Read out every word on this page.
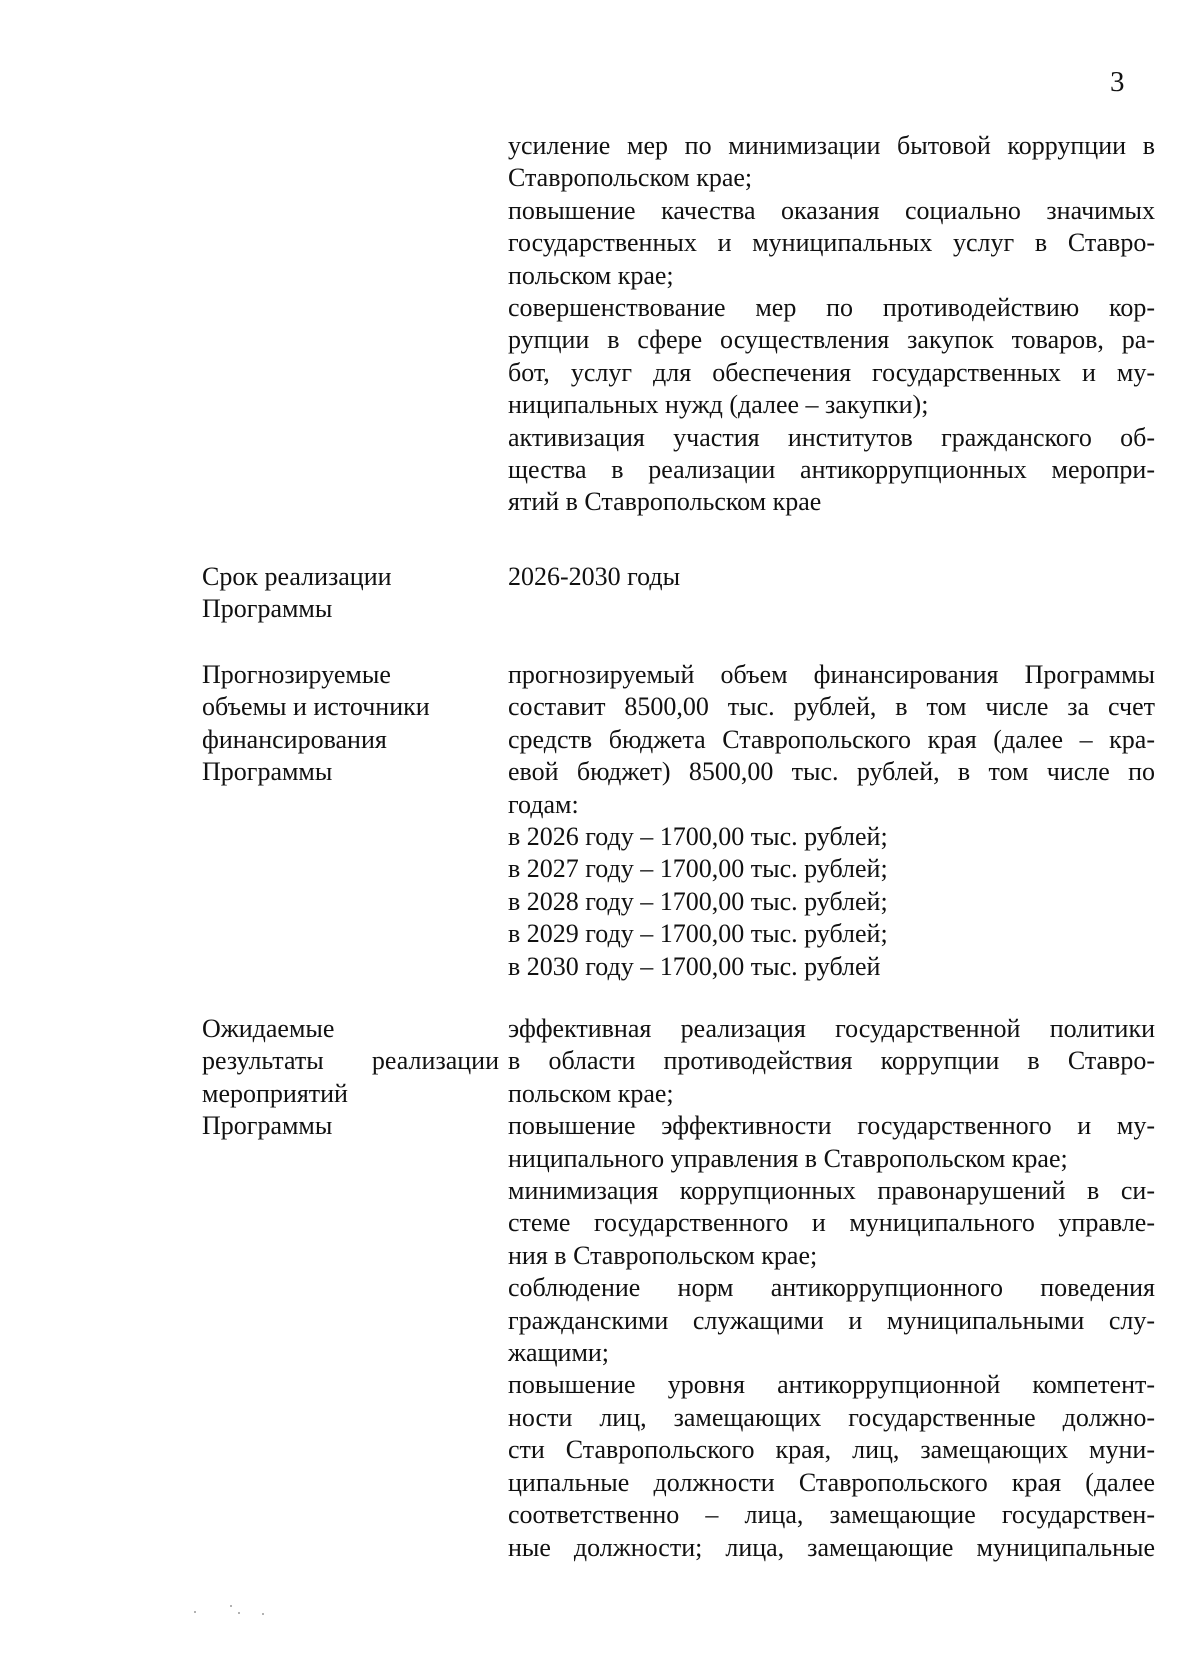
3
усиление мер по минимизации бытовой коррупции в
Ставропольском крае;
повышение качества оказания социально значимых
государственных и муниципальных услуг в Ставро-
польском крае;
совершенствование мер по противодействию кор-
рупции в сфере осуществления закупок товаров, ра-
бот, услуг для обеспечения государственных и му-
ниципальных нужд (далее – закупки);
активизация участия институтов гражданского об-
щества в реализации антикоррупционных меропри-
ятий в Ставропольском крае
Срок реализации
Программы
2026-2030 годы
Прогнозируемые
объемы и источники
финансирования
Программы
прогнозируемый объем финансирования Программы
составит 8500,00 тыс. рублей, в том числе за счет
средств бюджета Ставропольского края (далее – кра-
евой бюджет) 8500,00 тыс. рублей, в том числе по
годам:
в 2026 году – 1700,00 тыс. рублей;
в 2027 году – 1700,00 тыс. рублей;
в 2028 году – 1700,00 тыс. рублей;
в 2029 году – 1700,00 тыс. рублей;
в 2030 году – 1700,00 тыс. рублей
Ожидаемые
результаты реализации
мероприятий
Программы
эффективная реализация государственной политики
в области противодействия коррупции в Ставро-
польском крае;
повышение эффективности государственного и му-
ниципального управления в Ставропольском крае;
минимизация коррупционных правонарушений в си-
стеме государственного и муниципального управле-
ния в Ставропольском крае;
соблюдение норм антикоррупционного поведения
гражданскими служащими и муниципальными слу-
жащими;
повышение уровня антикоррупционной компетент-
ности лиц, замещающих государственные должно-
сти Ставропольского края, лиц, замещающих муни-
ципальные должности Ставропольского края (далее
соответственно – лица, замещающие государствен-
ные должности; лица, замещающие муниципальные
